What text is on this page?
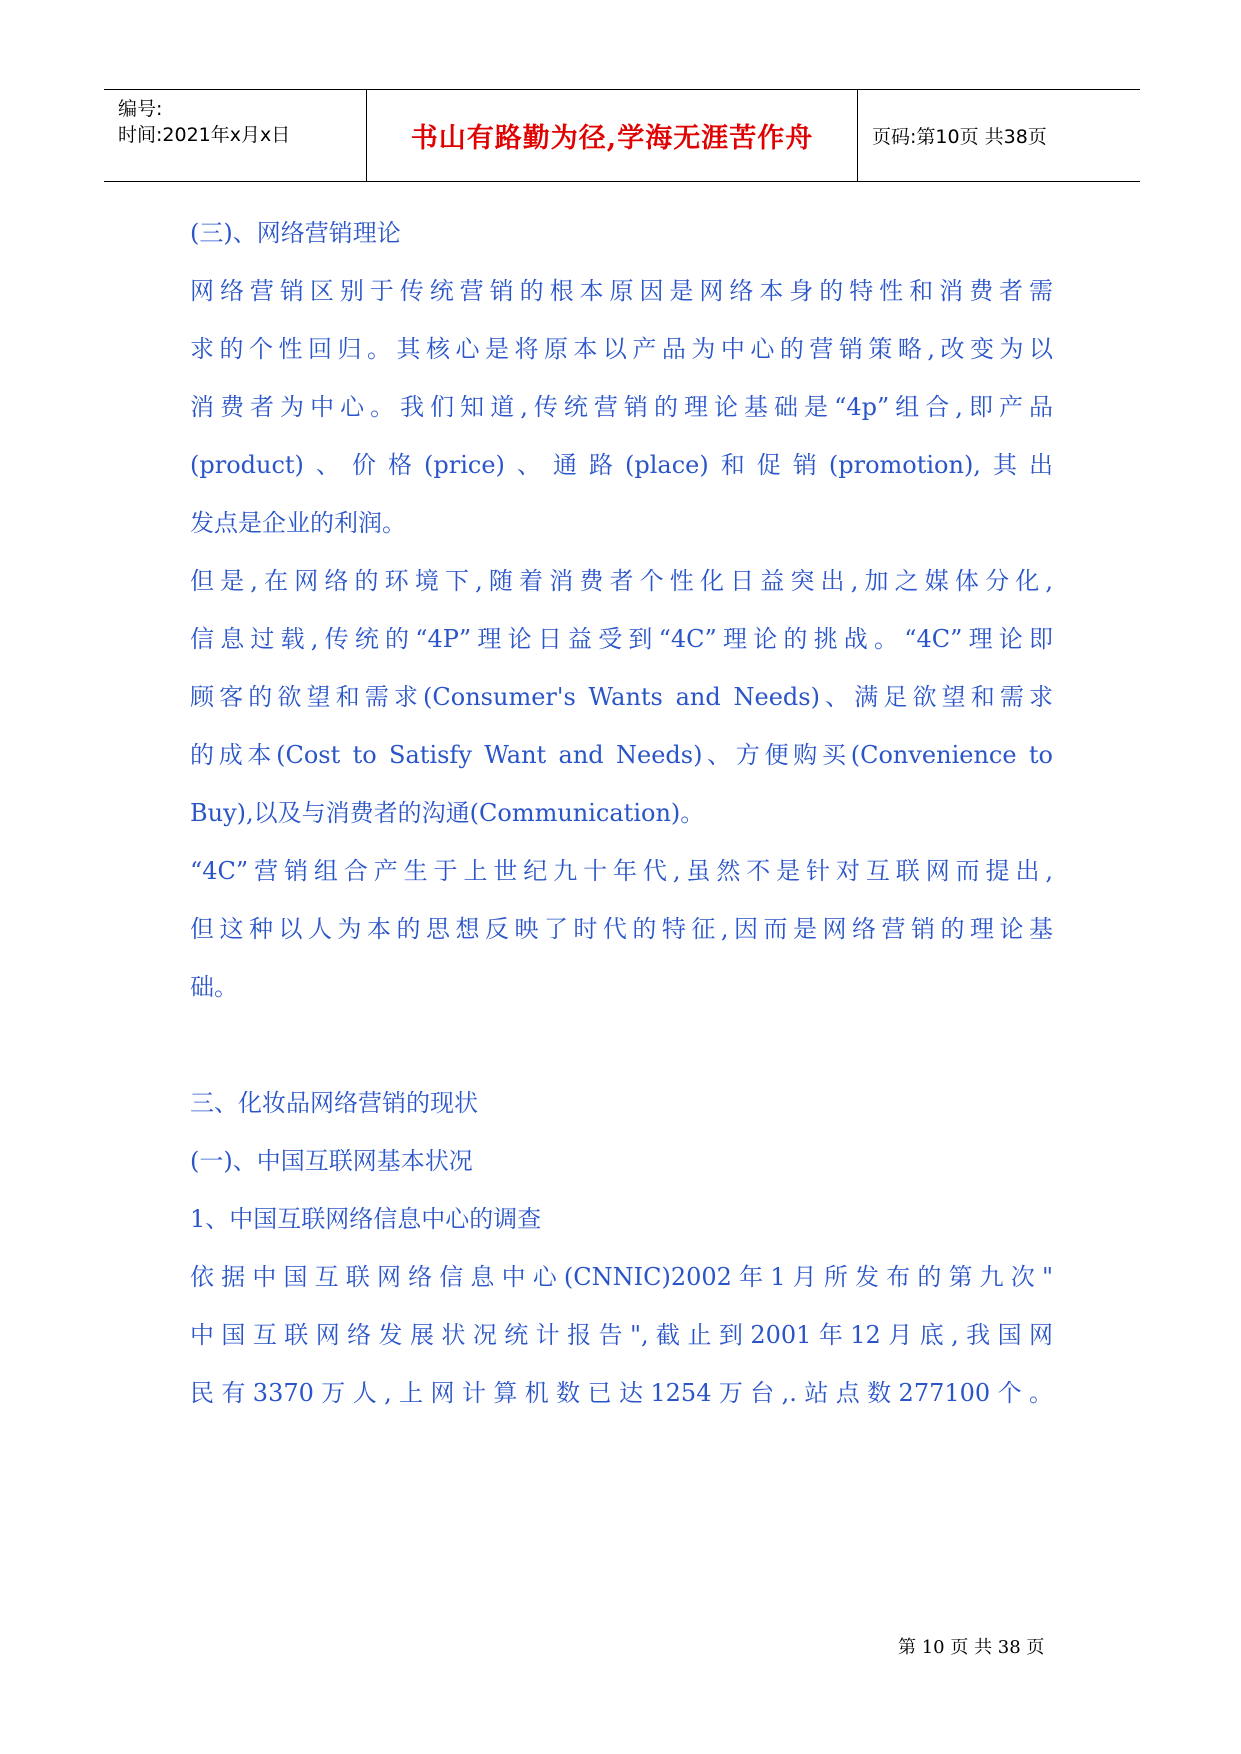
编号:
时间:2021年x月x日	书山有路勤为径,学海无涯苦作舟	页码:第10页 共38页
(三)、网络营销理论
网络营销区别于传统营销的根本原因是网络本身的特性和消费者需
求的个性回归。其核心是将原本以产品为中心的营销策略,改变为以
消费者为中心。我们知道,传统营销的理论基础是“4p”组合,即产品
(product)、价格(price)、通路(place)和促销(promotion),其出
发点是企业的利润。
但是,在网络的环境下,随着消费者个性化日益突出,加之媒体分化,
信息过载,传统的“4P”理论日益受到“4C”理论的挑战。“4C”理论即
顾客的欲望和需求(Consumer's Wants and Needs)、满足欲望和需求
的成本(Cost to Satisfy Want and Needs)、方便购买(Convenience to
Buy),以及与消费者的沟通(Communication)。
“4C”营销组合产生于上世纪九十年代,虽然不是针对互联网而提出,
但这种以人为本的思想反映了时代的特征,因而是网络营销的理论基
础。
三、化妆品网络营销的现状
(一)、中国互联网基本状况
1、中国互联网络信息中心的调查
依据中国互联网络信息中心(CNNIC)2002年1月所发布的第九次"
中国互联网络发展状况统计报告",截止到2001年12月底,我国网
民有3370万人,上网计算机数已达1254万台,.站点数277100个。
第 10 页 共 38 页
